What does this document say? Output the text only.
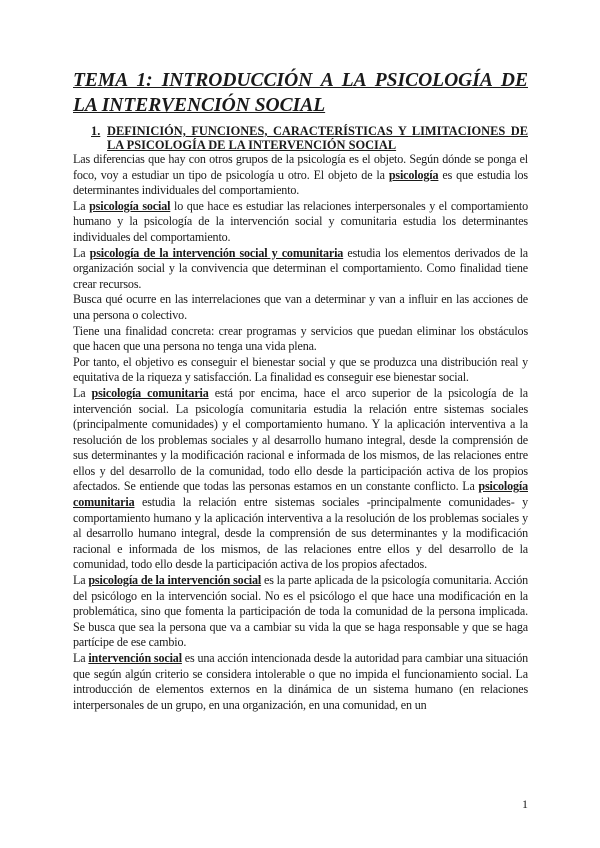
TEMA 1: INTRODUCCIÓN A LA PSICOLOGÍA DE LA INTERVENCIÓN SOCIAL
1. DEFINICIÓN, FUNCIONES, CARACTERÍSTICAS Y LIMITACIONES DE LA PSICOLOGÍA DE LA INTERVENCIÓN SOCIAL

Las diferencias que hay con otros grupos de la psicología es el objeto. Según dónde se ponga el foco, voy a estudiar un tipo de psicología u otro. El objeto de la psicología es que estudia los determinantes individuales del comportamiento.

La psicología social lo que hace es estudiar las relaciones interpersonales y el comportamiento humano y la psicología de la intervención social y comunitaria estudia los determinantes individuales del comportamiento.

La psicología de la intervención social y comunitaria estudia los elementos derivados de la organización social y la convivencia que determinan el comportamiento. Como finalidad tiene crear recursos.

Busca qué ocurre en las interrelaciones que van a determinar y van a influir en las acciones de una persona o colectivo.

Tiene una finalidad concreta: crear programas y servicios que puedan eliminar los obstáculos que hacen que una persona no tenga una vida plena.

Por tanto, el objetivo es conseguir el bienestar social y que se produzca una distribución real y equitativa de la riqueza y satisfacción. La finalidad es conseguir ese bienestar social.

La psicología comunitaria está por encima, hace el arco superior de la psicología de la intervención social. La psicología comunitaria estudia la relación entre sistemas sociales (principalmente comunidades) y el comportamiento humano. Y la aplicación interventiva a la resolución de los problemas sociales y al desarrollo humano integral, desde la comprensión de sus determinantes y la modificación racional e informada de los mismos, de las relaciones entre ellos y del desarrollo de la comunidad, todo ello desde la participación activa de los propios afectados. Se entiende que todas las personas estamos en un constante conflicto. La psicología comunitaria estudia la relación entre sistemas sociales -principalmente comunidades- y comportamiento humano y la aplicación interventiva a la resolución de los problemas sociales y al desarrollo humano integral, desde la comprensión de sus determinantes y la modificación racional e informada de los mismos, de las relaciones entre ellos y del desarrollo de la comunidad, todo ello desde la participación activa de los propios afectados.

La psicología de la intervención social es la parte aplicada de la psicología comunitaria. Acción del psicólogo en la intervención social. No es el psicólogo el que hace una modificación en la problemática, sino que fomenta la participación de toda la comunidad de la persona implicada. Se busca que sea la persona que va a cambiar su vida la que se haga responsable y que se haga partícipe de ese cambio.

La intervención social es una acción intencionada desde la autoridad para cambiar una situación que según algún criterio se considera intolerable o que no impida el funcionamiento social. La introducción de elementos externos en la dinámica de un sistema humano (en relaciones interpersonales de un grupo, en una organización, en una comunidad, en un

1
